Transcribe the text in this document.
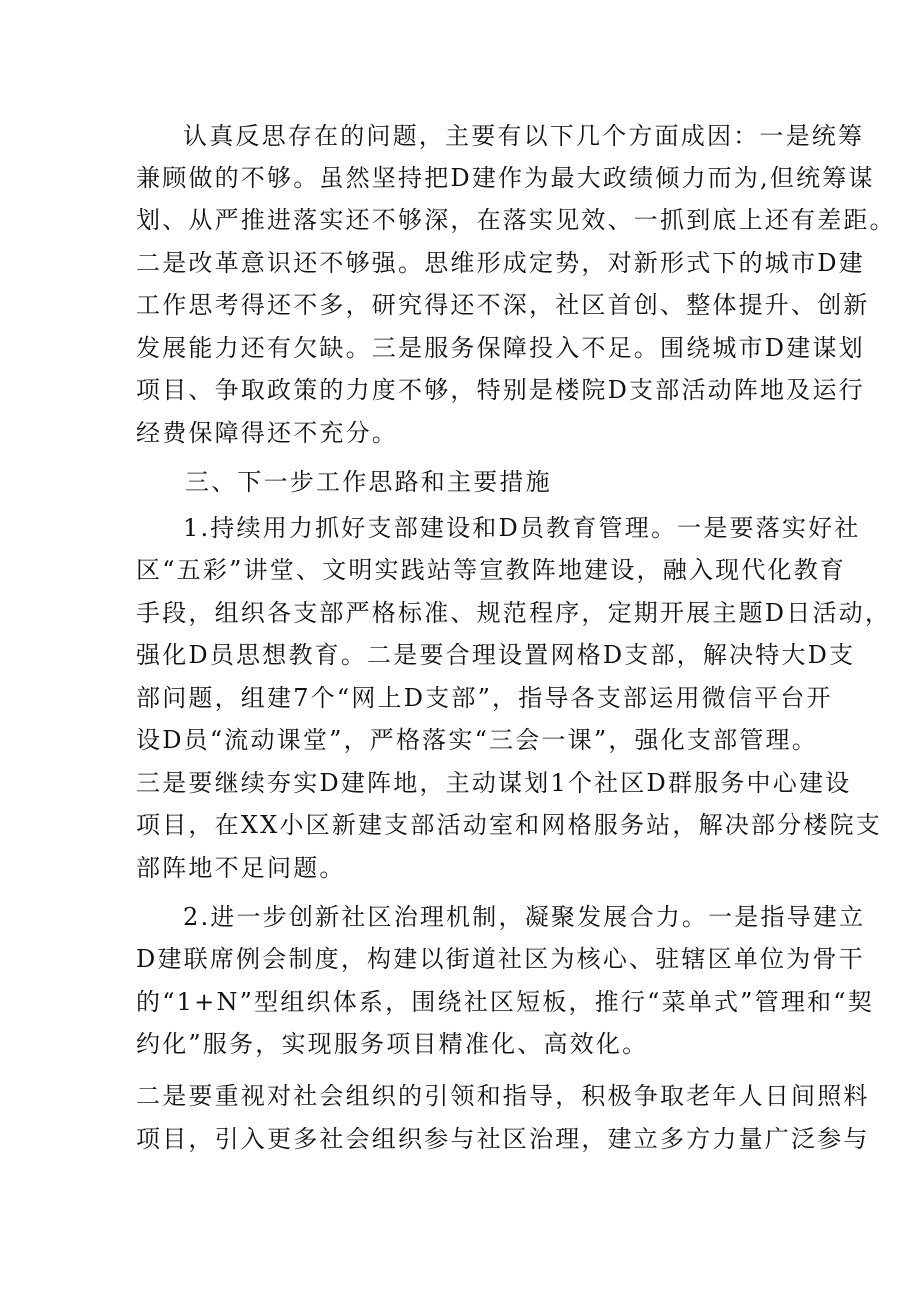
认真反思存在的问题，主要有以下几个方面成因：一是统筹
兼顾做的不够。虽然坚持把D建作为最大政绩倾力而为,但统筹谋
划、从严推进落实还不够深，在落实见效、一抓到底上还有差距。
二是改革意识还不够强。思维形成定势，对新形式下的城市D建
工作思考得还不多，研究得还不深，社区首创、整体提升、创新
发展能力还有欠缺。三是服务保障投入不足。围绕城市D建谋划
项目、争取政策的力度不够，特别是楼院D支部活动阵地及运行
经费保障得还不充分。
三、下一步工作思路和主要措施
1.持续用力抓好支部建设和D员教育管理。一是要落实好社
区“五彩”讲堂、文明实践站等宣教阵地建设，融入现代化教育
手段，组织各支部严格标准、规范程序，定期开展主题D日活动，
强化D员思想教育。二是要合理设置网格D支部，解决特大D支
部问题，组建7个“网上D支部”，指导各支部运用微信平台开
设D员“流动课堂”，严格落实“三会一课”，强化支部管理。
三是要继续夯实D建阵地，主动谋划1个社区D群服务中心建设
项目，在XX小区新建支部活动室和网格服务站，解决部分楼院支
部阵地不足问题。
2.进一步创新社区治理机制，凝聚发展合力。一是指导建立
D建联席例会制度，构建以街道社区为核心、驻辖区单位为骨干
的“1+N”型组织体系，围绕社区短板，推行“菜单式”管理和“契
约化”服务，实现服务项目精准化、高效化。
二是要重视对社会组织的引领和指导，积极争取老年人日间照料
项目，引入更多社会组织参与社区治理，建立多方力量广泛参与
